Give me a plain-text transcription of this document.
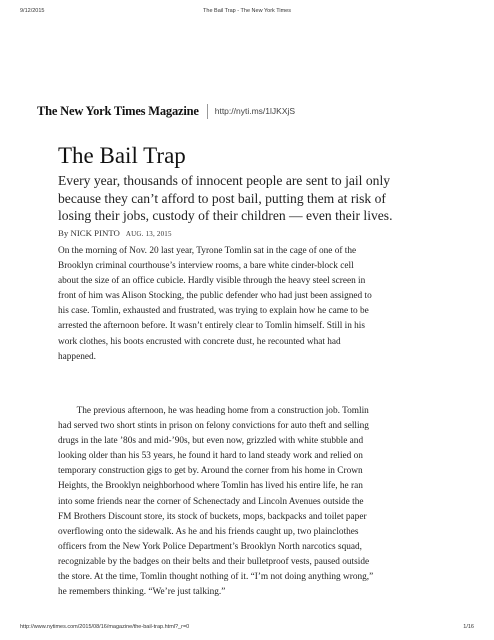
9/12/2015	The Bail Trap - The New York Times
The New York Times Magazine http://nyti.ms/1lJKXjS
The Bail Trap
Every year, thousands of innocent people are sent to jail only
because they can’t afford to post bail, putting them at risk of
losing their jobs, custody of their children — even their lives.
By NICK PINTO AUG. 13, 2015
On the morning of Nov. 20 last year, Tyrone Tomlin sat in the cage of one of the
Brooklyn criminal courthouse’s interview rooms, a bare white cinder-block cell
about the size of an office cubicle. Hardly visible through the heavy steel screen in
front of him was Alison Stocking, the public defender who had just been assigned to
his case. Tomlin, exhausted and frustrated, was trying to explain how he came to be
arrested the afternoon before. It wasn’t entirely clear to Tomlin himself. Still in his
work clothes, his boots encrusted with concrete dust, he recounted what had
happened.
  The previous afternoon, he was heading home from a construction job. Tomlin
had served two short stints in prison on felony convictions for auto theft and selling
drugs in the late ’80s and mid-’90s, but even now, grizzled with white stubble and
looking older than his 53 years, he found it hard to land steady work and relied on
temporary construction gigs to get by. Around the corner from his home in Crown
Heights, the Brooklyn neighborhood where Tomlin has lived his entire life, he ran
into some friends near the corner of Schenectady and Lincoln Avenues outside the
FM Brothers Discount store, its stock of buckets, mops, backpacks and toilet paper
overflowing onto the sidewalk. As he and his friends caught up, two plainclothes
officers from the New York Police Department’s Brooklyn North narcotics squad,
recognizable by the badges on their belts and their bulletproof vests, paused outside
the store. At the time, Tomlin thought nothing of it. “I’m not doing anything wrong,”
he remembers thinking. “We’re just talking.”
http://www.nytimes.com/2015/08/16/magazine/the-bail-trap.html?_r=0	1/16
